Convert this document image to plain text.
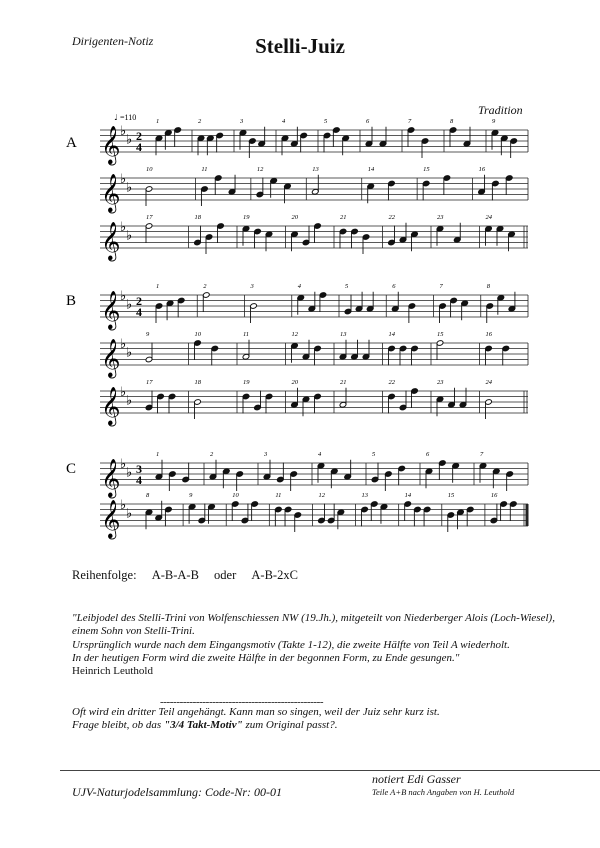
Dirigenten-Notiz	Stelli-Juiz
Tradition
A 𝄞 ♭
♭ 2
4
♩ =110	1	2	3	4	5	6	7	8	9
𝄞 ♭
♭
10	11	12	13	14	15	16
𝄞 ♭
♭
17	18	19	20	21	22	23	24
B 𝄞 ♭
♭ 2
4
1	2	3	4	5	6	7	8
𝄞 ♭
♭
9	10	11	12	13	14	15	16
𝄞 ♭
♭
17	18	19	20	21	22	23	24
C 𝄞 ♭
♭ 3
4
1	2	3	4	5	6	7
𝄞 ♭
♭
8	9	10	11	12	13	14	15	16
Reihenfolge: A-B-A-B oder A-B-2xC
"Leibjodel des Stelli-Trini von Wolfenschiessen NW (19.Jh.), mitgeteilt von Niederberger Alois (Loch-Wiesel),
einem Sohn von Stelli-Trini.
Ursprünglich wurde nach dem Eingangsmotiv (Takte 1-12), die zweite Hälfte von Teil A wiederholt.
In der heutigen Form wird die zweite Hälfte in der begonnen Form, zu Ende gesungen."
Heinrich Leuthold
--------------------------------------------------
Oft wird ein dritter Teil angehängt. Kann man so singen, weil der Juiz sehr kurz ist.
Frage bleibt, ob das "3/4 Takt-Motiv" zum Original passt?.
UJV-Naturjodelsammlung: Code-Nr: 00-01
notiert Edi Gasser
Teile A+B nach Angaben von H. Leuthold
